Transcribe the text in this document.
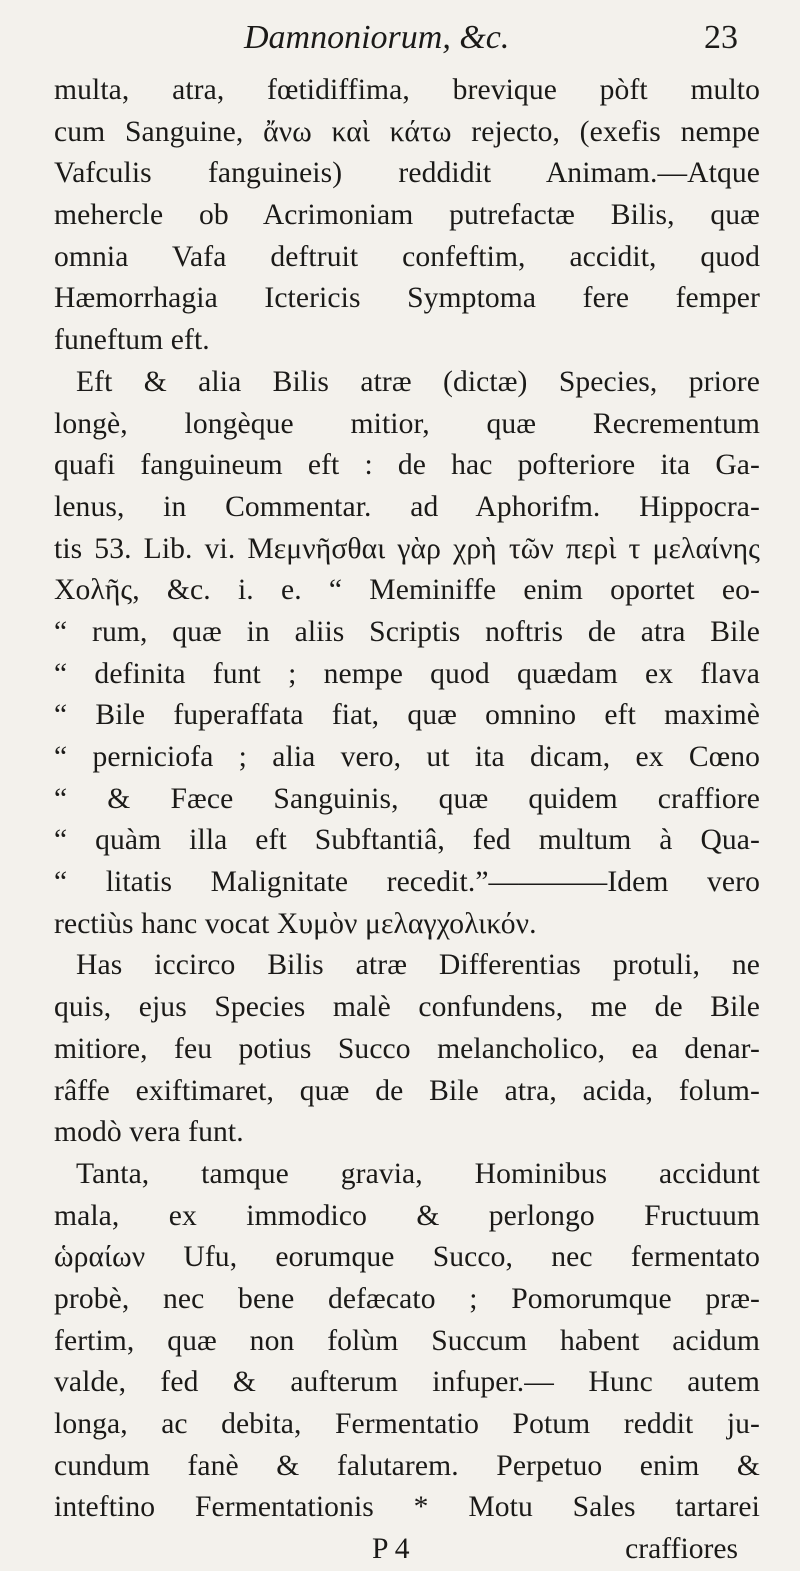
Damnoniorum, &c.	23
multa, atra, fœtidiffima, brevique pòft multo
cum Sanguine, ἄνω καὶ κάτω rejecto, (exefis nempe
Vafculis fanguineis) reddidit Animam.—Atque
mehercle ob Acrimoniam putrefactæ Bilis, quæ
omnia Vafa deftruit confeftim, accidit, quod
Hæmorrhagia Ictericis Symptoma fere femper
funeftum eft.
Eft & alia Bilis atræ (dictæ) Species, priore
longè, longèque mitior, quæ Recrementum
quafi fanguineum eft : de hac pofteriore ita Ga-
lenus, in Commentar. ad Aphorifm. Hippocra-
tis 53. Lib. vi. Μεμνῆσθαι γὰρ χρὴ τῶν περὶ τ μελαίνης
Χολῆς, &c. i. e. “ Meminiffe enim oportet eo-
“ rum, quæ in aliis Scriptis noftris de atra Bile
“ definita funt ; nempe quod quædam ex flava
“ Bile fuperaffata fiat, quæ omnino eft maximè
“ perniciofa ; alia vero, ut ita dicam, ex Cœno
“ & Fæce Sanguinis, quæ quidem craffiore
“ quàm illa eft Subftantiâ, fed multum à Qua-
“ litatis Malignitate recedit.”————Idem vero
rectiùs hanc vocat Χυμὸν μελαγχολικόν.
Has iccirco Bilis atræ Differentias protuli, ne
quis, ejus Species malè confundens, me de Bile
mitiore, feu potius Succo melancholico, ea denar-
râffe exiftimaret, quæ de Bile atra, acida, folum-
modò vera funt.
Tanta, tamque gravia, Hominibus accidunt
mala, ex immodico & perlongo Fructuum
ὡραίων Ufu, eorumque Succo, nec fermentato
probè, nec bene defæcato ; Pomorumque præ-
fertim, quæ non folùm Succum habent acidum
valde, fed & aufterum infuper.— Hunc autem
longa, ac debita, Fermentatio Potum reddit ju-
cundum fanè & falutarem. Perpetuo enim &
inteftino Fermentationis * Motu Sales tartarei
P 4	craffiores
